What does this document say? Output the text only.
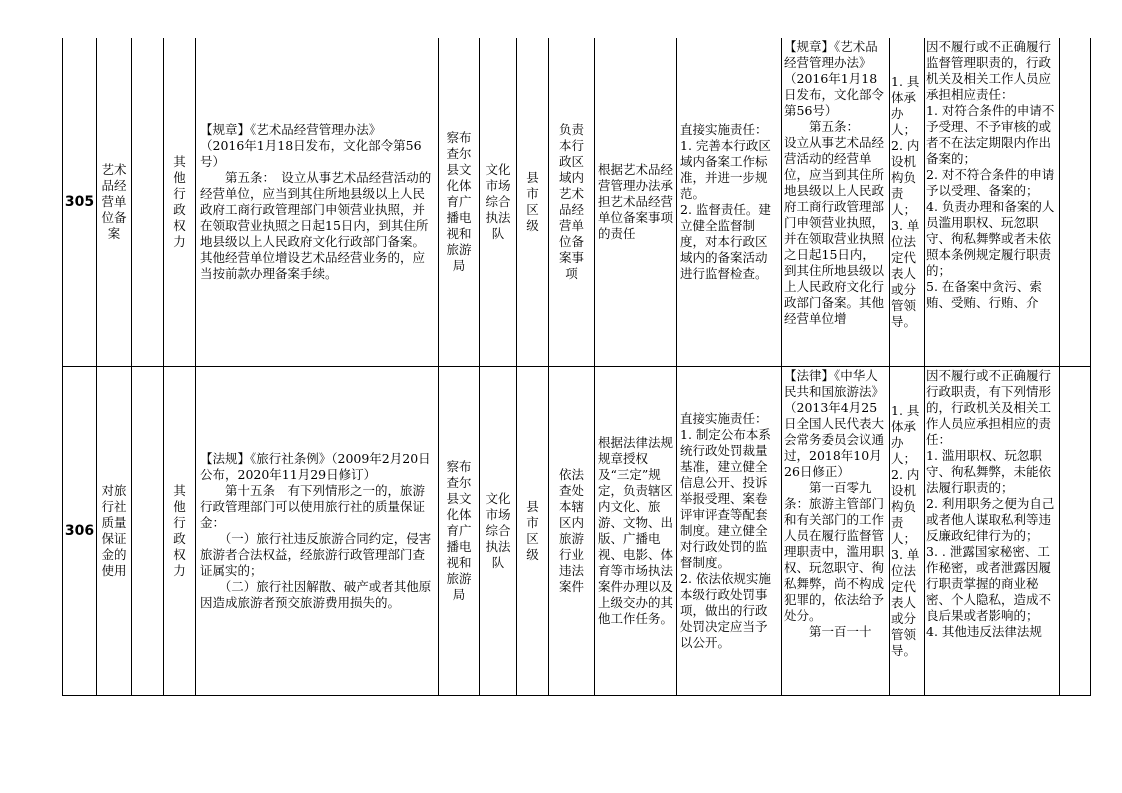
305
艺术
品经
营单
位备
案
其
他
行
政
权
力
【规章】《艺术品经营管理办法》
（2016年1月18日发布，文化部令第56号）
　　第五条：　设立从事艺术品经营活动的经营单位，应当到其住所地县级以上人民政府工商行政管理部门申领营业执照，并在领取营业执照之日起15日内，到其住所地县级以上人民政府文化行政部门备案。其他经营单位增设艺术品经营业务的，应当按前款办理备案手续。
察布
查尔
县文
化体
育广
播电
视和
旅游
局
文化
市场
综合
执法
队
县
市
区
级
负责
本行
政区
域内
艺术
品经
营单
位备
案事
项
根据艺术品经营管理办法承担艺术品经营单位备案事项的责任
直接实施责任：
1. 完善本行政区域内备案工作标准，并进一步规范。
2. 监督责任。建立健全监督制度，对本行政区域内的备案活动进行监督检查。
【规章】《艺术品经营管理办法》（2016年1月18日发布，文化部令第56号）
　　第五条：
设立从事艺术品经营活动的经营单位，应当到其住所地县级以上人民政府工商行政管理部门申领营业执照，并在领取营业执照之日起15日内，到其住所地县级以上人民政府文化行政部门备案。其他经营单位增
1. 具
体承
办人；
2. 内
设机
构负
责人；
3. 单
位法
定代
表人
或分
管领
导。
因不履行或不正确履行监督管理职责的，行政机关及相关工作人员应承担相应责任：
1. 对符合条件的申请不予受理、不予审核的或者不在法定期限内作出备案的；
2. 对不符合条件的申请予以受理、备案的；
4. 负责办理和备案的人员滥用职权、玩忽职守、徇私舞弊或者未依照本条例规定履行职责的；
5. 在备案中贪污、索贿、受贿、行贿、介
306
对旅
行社
质量
保证
金的
使用
其
他
行
政
权
力
【法规】《旅行社条例》（2009年2月20日公布，2020年11月29日修订）
　　第十五条　有下列情形之一的，旅游行政管理部门可以使用旅行社的质量保证金：
　　（一）旅行社违反旅游合同约定，侵害旅游者合法权益，经旅游行政管理部门查证属实的；
　　（二）旅行社因解散、破产或者其他原因造成旅游者预交旅游费用损失的。
察布
查尔
县文
化体
育广
播电
视和
旅游
局
文化
市场
综合
执法
队
县
市
区
级
依法
查处
本辖
区内
旅游
行业
违法
案件
根据法律法规规章授权及“三定”规定，负责辖区内文化、旅游、文物、出版、广播电视、电影、体育等市场执法案件办理以及上级交办的其他工作任务。
直接实施责任：
1. 制定公布本系统行政处罚裁量基准，建立健全信息公开、投诉举报受理、案卷评审评查等配套制度。建立健全对行政处罚的监督制度。
2. 依法依规实施本级行政处罚事项，做出的行政处罚决定应当予以公开。
【法律】《中华人民共和国旅游法》（2013年4月25日全国人民代表大会常务委员会议通过，2018年10月26日修正）
　　第一百零九条：旅游主管部门和有关部门的工作人员在履行监督管理职责中，滥用职权、玩忽职守、徇私舞弊，尚不构成犯罪的，依法给予处分。
　　第一百一十
1. 具
体承
办人；
2. 内
设机
构负
责人；
3. 单
位法
定代
表人
或分
管领
导。
因不履行或不正确履行行政职责，有下列情形的，行政机关及相关工作人员应承担相应的责任：
1. 滥用职权、玩忽职守、徇私舞弊，未能依法履行职责的；
2. 利用职务之便为自己或者他人谋取私利等违反廉政纪律行为的；
3. . 泄露国家秘密、工作秘密，或者泄露因履行职责掌握的商业秘密、个人隐私，造成不良后果或者影响的；
4. 其他违反法律法规
